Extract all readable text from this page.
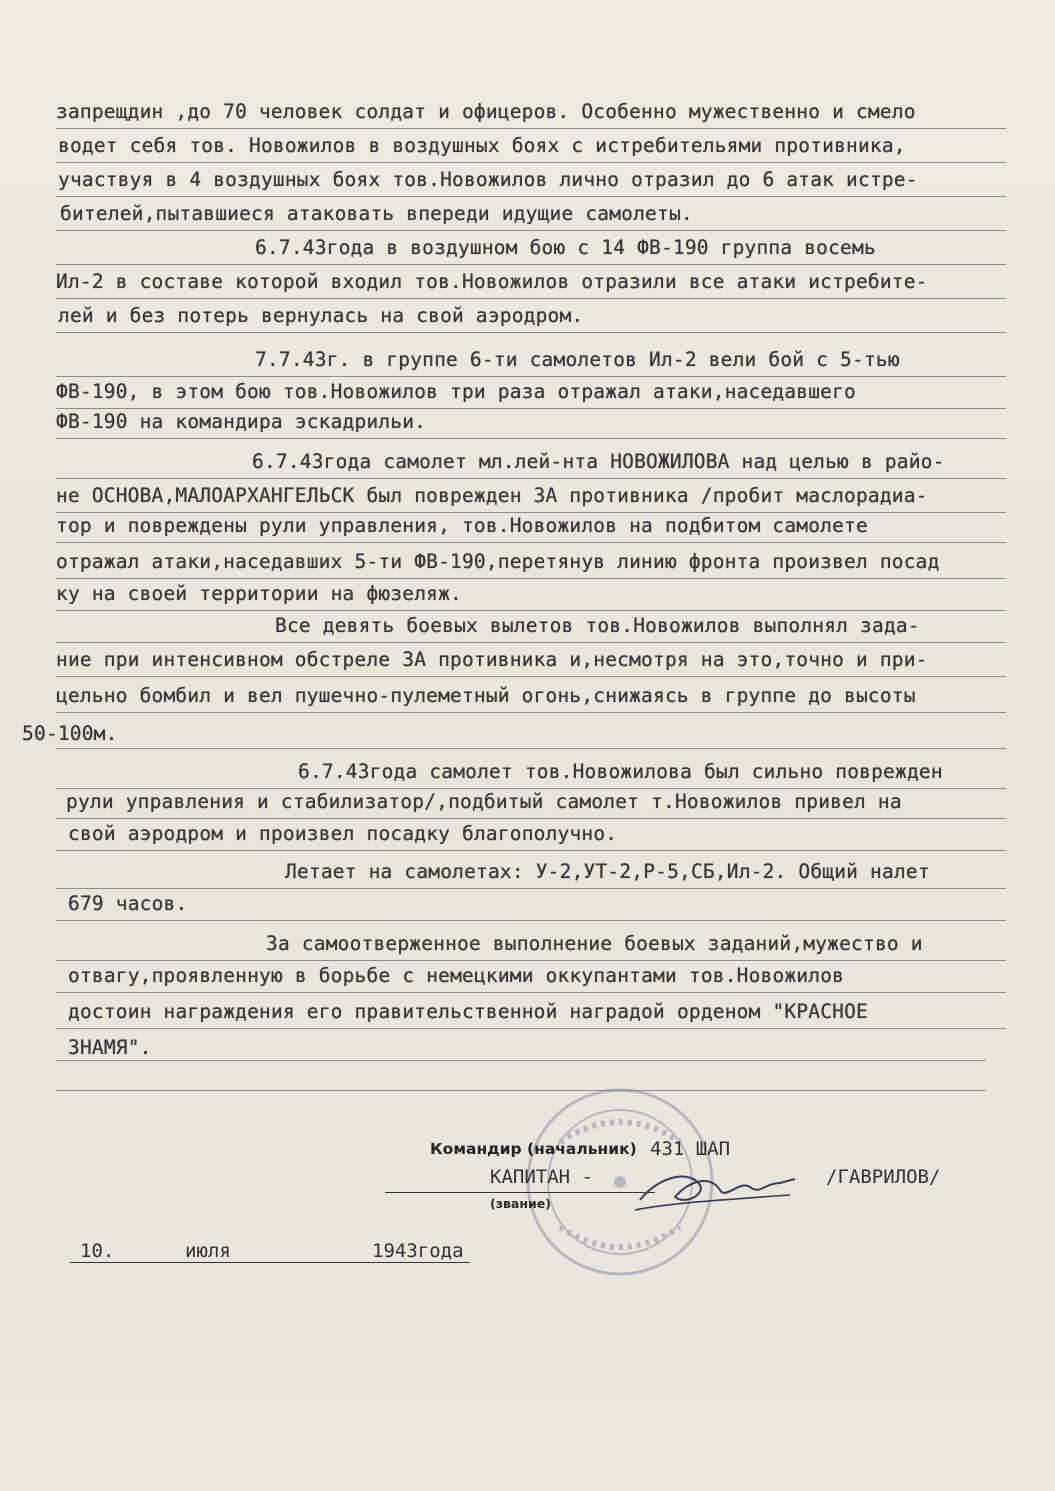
запрещдин ,до 70 человек солдат и офицеров. Особенно мужественно и смело
водет себя тов. Новожилов в воздушных боях с истребительями противника,
участвуя в 4 воздушных боях тов.Новожилов лично отразил до 6 атак истре-
бителей,пытавшиеся атаковать впереди идущие самолеты.
6.7.43года в воздушном бою с 14 ФВ-190 группа восемь
Ил-2 в составе которой входил тов.Новожилов отразили все атаки истребите-
лей и без потерь вернулась на свой аэродром.
7.7.43г. в группе 6-ти самолетов Ил-2 вели бой с 5-тью
ФВ-190, в этом бою тов.Новожилов три раза отражал атаки,наседавшего
ФВ-190 на командира эскадрильи.
6.7.43года самолет мл.лей-нта НОВОЖИЛОВА над целью в райо-
не ОСНОВА,МАЛОАРХАНГЕЛЬСК был поврежден ЗА противника /пробит маслорадиа-
тор и повреждены рули управления, тов.Новожилов на подбитом самолете
отражал атаки,наседавших 5-ти ФВ-190,перетянув линию фронта произвел посад
ку на своей территории на фюзеляж.
Все девять боевых вылетов тов.Новожилов выполнял зада-
ние при интенсивном обстреле ЗА противника и,несмотря на это,точно и при-
цельно бомбил и вел пушечно-пулеметный огонь,снижаясь в группе до высоты
50-100м.
6.7.43года самолет тов.Новожилова был сильно поврежден
рули управления и стабилизатор/,подбитый самолет т.Новожилов привел на
свой аэродром и произвел посадку благополучно.
Летает на самолетах: У-2,УТ-2,Р-5,СБ,Ил-2. Общий налет
679 часов.
За самоотверженное выполнение боевых заданий,мужество и
отвагу,проявленную в борьбе с немецкими оккупантами тов.Новожилов
достоин награждения его правительственной наградой орденом "КРАСНОЕ
ЗНАМЯ".
Командир (начальник) 431 ШАП
КАПИТАН -
(звание)
/ГАВРИЛОВ/
10.	июля	1943года
